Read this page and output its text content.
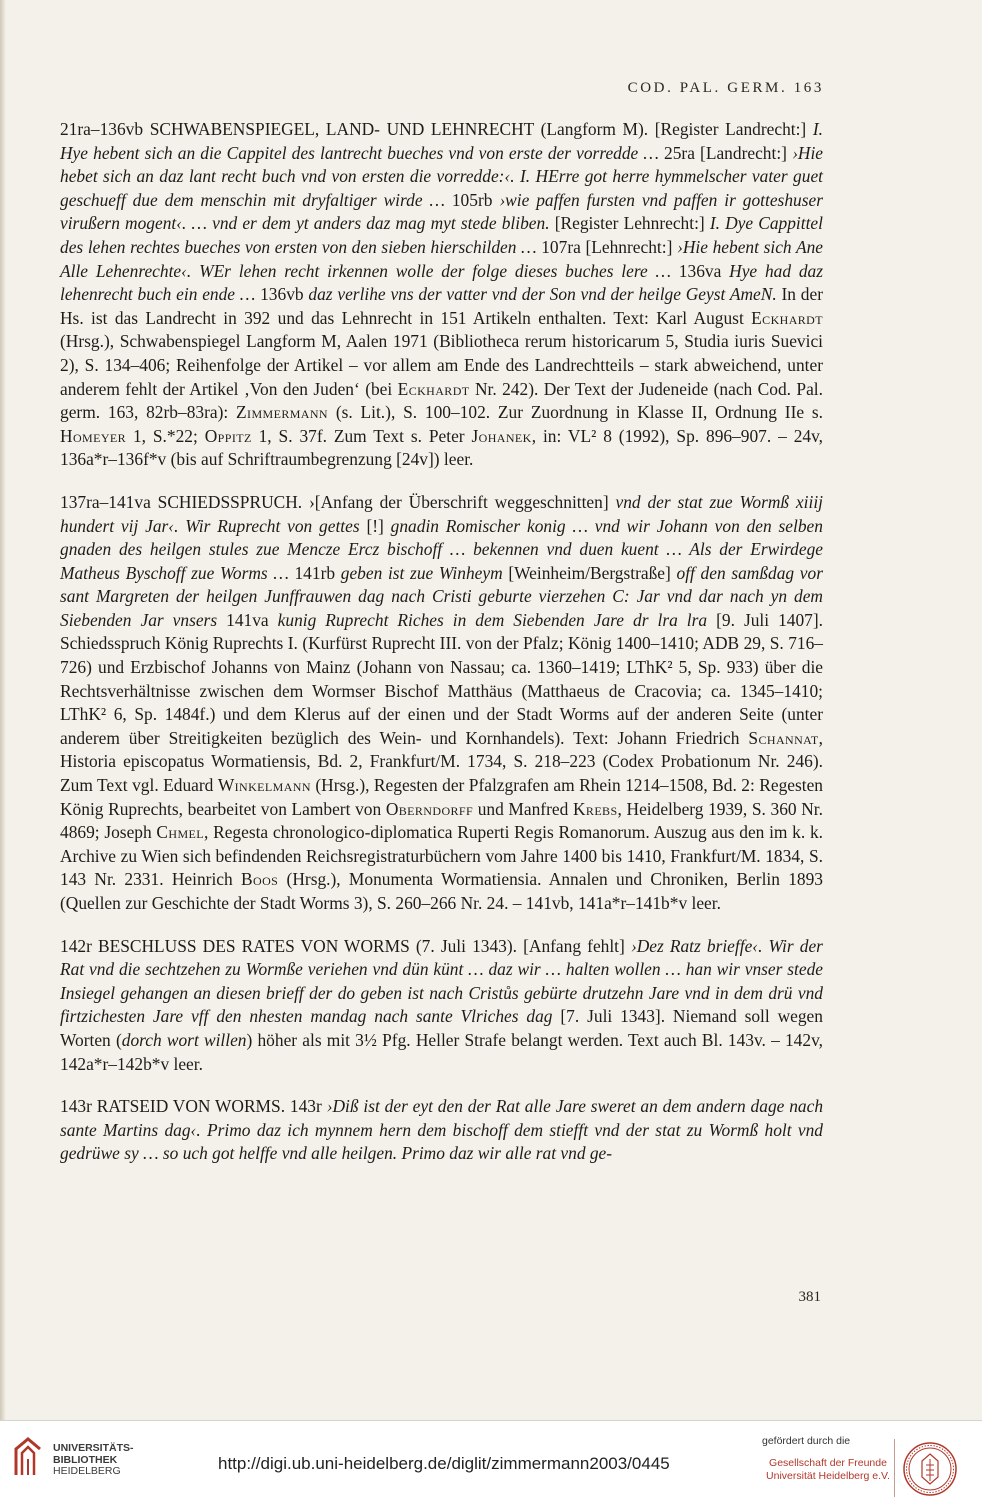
COD. PAL. GERM. 163

21ra–136vb SCHWABENSPIEGEL, LAND- UND LEHNRECHT (Langform M). [Register Landrecht:] I. Hye hebent sich an die Cappitel des lantrecht bueches vnd von erste der vorredde … 25ra [Landrecht:] ›Hie hebet sich an daz lant recht buch vnd von ersten die vorredde:‹. I. HErre got herre hymmelscher vater guet geschueff due dem menschin mit dryfaltiger wirde … 105rb ›wie paffen fursten vnd paffen ir gotteshuser virußern mogent‹. … vnd er dem yt anders daz mag myt stede bliben. [Register Lehnrecht:] I. Dye Cappittel des lehen rechtes bueches von ersten von den sieben hierschilden … 107ra [Lehnrecht:] ›Hie hebent sich Ane Alle Lehenrechte‹. WEr lehen recht irkennen wolle der folge dieses buches lere … 136va Hye had daz lehenrecht buch ein ende … 136vb daz verlihe vns der vatter vnd der Son vnd der heilge Geyst AmeN. In der Hs. ist das Landrecht in 392 und das Lehnrecht in 151 Artikeln enthalten. Text: Karl August Eckhardt (Hrsg.), Schwabenspiegel Langform M, Aalen 1971 (Bibliotheca rerum historicarum 5, Studia iuris Suevici 2), S. 134–406; Reihenfolge der Artikel – vor allem am Ende des Landrechtteils – stark abweichend, unter anderem fehlt der Artikel ‚Von den Juden‘ (bei Eckhardt Nr. 242). Der Text der Judeneide (nach Cod. Pal. germ. 163, 82rb–83ra): Zimmermann (s. Lit.), S. 100–102. Zur Zuordnung in Klasse II, Ordnung IIe s. Homeyer 1, S.*22; Oppitz 1, S. 37f. Zum Text s. Peter Johanek, in: VL² 8 (1992), Sp. 896–907. – 24v, 136a*r–136f*v (bis auf Schriftraumbegrenzung [24v]) leer.

137ra–141va SCHIEDSSPRUCH. ›[Anfang der Überschrift weggeschnitten] vnd der stat zue Wormß xiiij hundert vij Jar‹. Wir Ruprecht von gettes [!] gnadin Romischer konig … vnd wir Johann von den selben gnaden des heilgen stules zue Mencze Ercz bischoff … bekennen vnd duen kuent … Als der Erwirdege Matheus Byschoff zue Worms … 141rb geben ist zue Winheym [Weinheim/Bergstraße] off den samßdag vor sant Margreten der heilgen Junffrauwen dag nach Cristi geburte vierzehen C: Jar vnd dar nach yn dem Siebenden Jar vnsers 141va kunig Ruprecht Riches in dem Siebenden Jare dr lra lra [9. Juli 1407]. Schiedsspruch König Ruprechts I. (Kurfürst Ruprecht III. von der Pfalz; König 1400–1410; ADB 29, S. 716–726) und Erzbischof Johanns von Mainz (Johann von Nassau; ca. 1360–1419; LThK² 5, Sp. 933) über die Rechtsverhältnisse zwischen dem Wormser Bischof Matthäus (Matthaeus de Cracovia; ca. 1345–1410; LThK² 6, Sp. 1484f.) und dem Klerus auf der einen und der Stadt Worms auf der anderen Seite (unter anderem über Streitigkeiten bezüglich des Wein- und Kornhandels). Text: Johann Friedrich Schannat, Historia episcopatus Wormatiensis, Bd. 2, Frankfurt/M. 1734, S. 218–223 (Codex Probationum Nr. 246). Zum Text vgl. Eduard Winkelmann (Hrsg.), Regesten der Pfalzgrafen am Rhein 1214–1508, Bd. 2: Regesten König Ruprechts, bearbeitet von Lambert von Oberndorff und Manfred Krebs, Heidelberg 1939, S. 360 Nr. 4869; Joseph Chmel, Regesta chronologico-diplomatica Ruperti Regis Romanorum. Auszug aus den im k. k. Archive zu Wien sich befindenden Reichsregistraturbüchern vom Jahre 1400 bis 1410, Frankfurt/M. 1834, S. 143 Nr. 2331. Heinrich Boos (Hrsg.), Monumenta Wormatiensia. Annalen und Chroniken, Berlin 1893 (Quellen zur Geschichte der Stadt Worms 3), S. 260–266 Nr. 24. – 141vb, 141a*r–141b*v leer.

142r BESCHLUSS DES RATES VON WORMS (7. Juli 1343). [Anfang fehlt] ›Dez Ratz brieffe‹. Wir der Rat vnd die sechtzehen zu Wormße veriehen vnd dün künt … daz wir … halten wollen … han wir vnser stede Insiegel gehangen an diesen brieff der do geben ist nach Cristůs gebürte drutzehn Jare vnd in dem drü vnd firtzichesten Jare vff den nhesten mandag nach sante Vlriches dag [7. Juli 1343]. Niemand soll wegen Worten (dorch wort willen) höher als mit 3½ Pfg. Heller Strafe belangt werden. Text auch Bl. 143v. – 142v, 142a*r–142b*v leer.

143r RATSEID VON WORMS. 143r ›Diß ist der eyt den der Rat alle Jare sweret an dem andern dage nach sante Martins dag‹. Primo daz ich mynnem hern dem bischoff dem stiefft vnd der stat zu Wormß holt vnd gedrüwe sy … so uch got helffe vnd alle heilgen. Primo daz wir alle rat vnd ge-

381
UNIVERSITÄTS-
BIBLIOTHEK
HEIDELBERG	http://digi.ub.uni-heidelberg.de/diglit/zimmermann2003/0445
gefördert durch die
Gesellschaft der Freunde
Universität Heidelberg e.V.
